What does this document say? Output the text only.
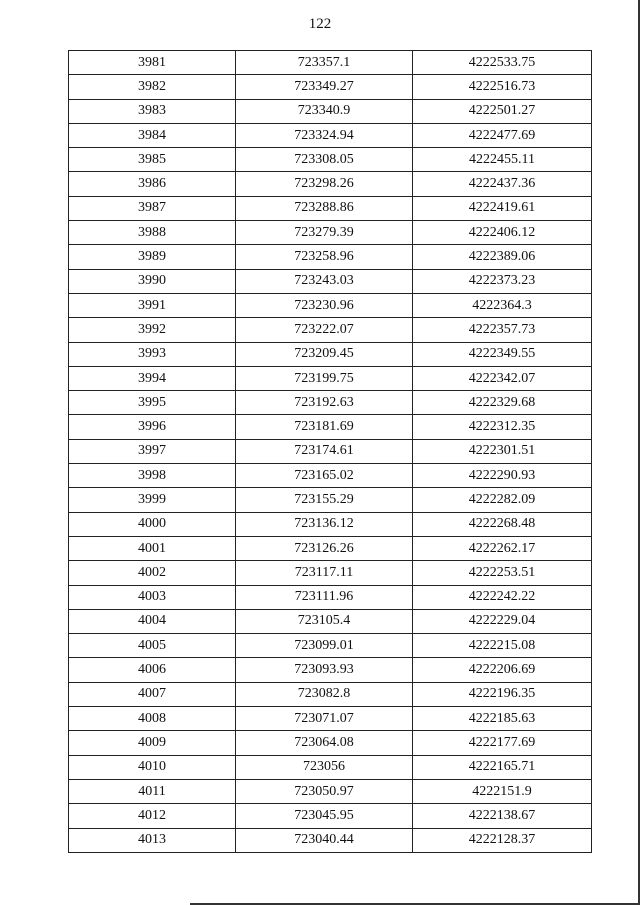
122
3981	723357.1	4222533.75
3982	723349.27	4222516.73
3983	723340.9	4222501.27
3984	723324.94	4222477.69
3985	723308.05	4222455.11
3986	723298.26	4222437.36
3987	723288.86	4222419.61
3988	723279.39	4222406.12
3989	723258.96	4222389.06
3990	723243.03	4222373.23
3991	723230.96	4222364.3
3992	723222.07	4222357.73
3993	723209.45	4222349.55
3994	723199.75	4222342.07
3995	723192.63	4222329.68
3996	723181.69	4222312.35
3997	723174.61	4222301.51
3998	723165.02	4222290.93
3999	723155.29	4222282.09
4000	723136.12	4222268.48
4001	723126.26	4222262.17
4002	723117.11	4222253.51
4003	723111.96	4222242.22
4004	723105.4	4222229.04
4005	723099.01	4222215.08
4006	723093.93	4222206.69
4007	723082.8	4222196.35
4008	723071.07	4222185.63
4009	723064.08	4222177.69
4010	723056	4222165.71
4011	723050.97	4222151.9
4012	723045.95	4222138.67
4013	723040.44	4222128.37
